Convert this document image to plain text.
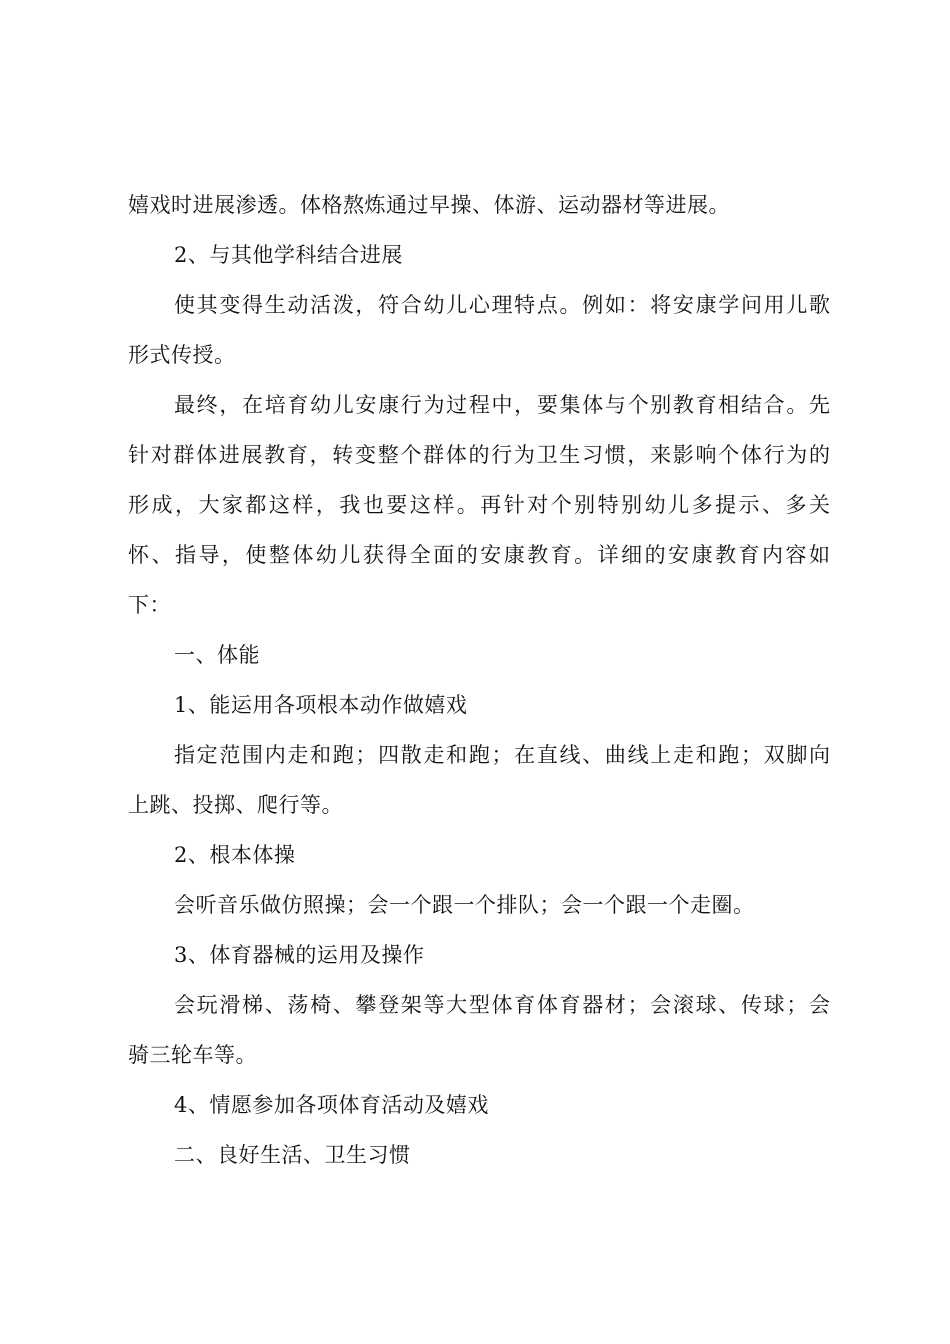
嬉戏时进展渗透。体格熬炼通过早操、体游、运动器材等进展。
2、与其他学科结合进展
使其变得生动活泼，符合幼儿心理特点。例如：将安康学问用儿歌
形式传授。
最终，在培育幼儿安康行为过程中，要集体与个别教育相结合。先
针对群体进展教育，转变整个群体的行为卫生习惯，来影响个体行为的
形成，大家都这样，我也要这样。再针对个别特别幼儿多提示、多关
怀、指导，使整体幼儿获得全面的安康教育。详细的安康教育内容如
下：
一、体能
1、能运用各项根本动作做嬉戏
指定范围内走和跑；四散走和跑；在直线、曲线上走和跑；双脚向
上跳、投掷、爬行等。
2、根本体操
会听音乐做仿照操；会一个跟一个排队；会一个跟一个走圈。
3、体育器械的运用及操作
会玩滑梯、荡椅、攀登架等大型体育体育器材；会滚球、传球；会
骑三轮车等。
4、情愿参加各项体育活动及嬉戏
二、良好生活、卫生习惯
